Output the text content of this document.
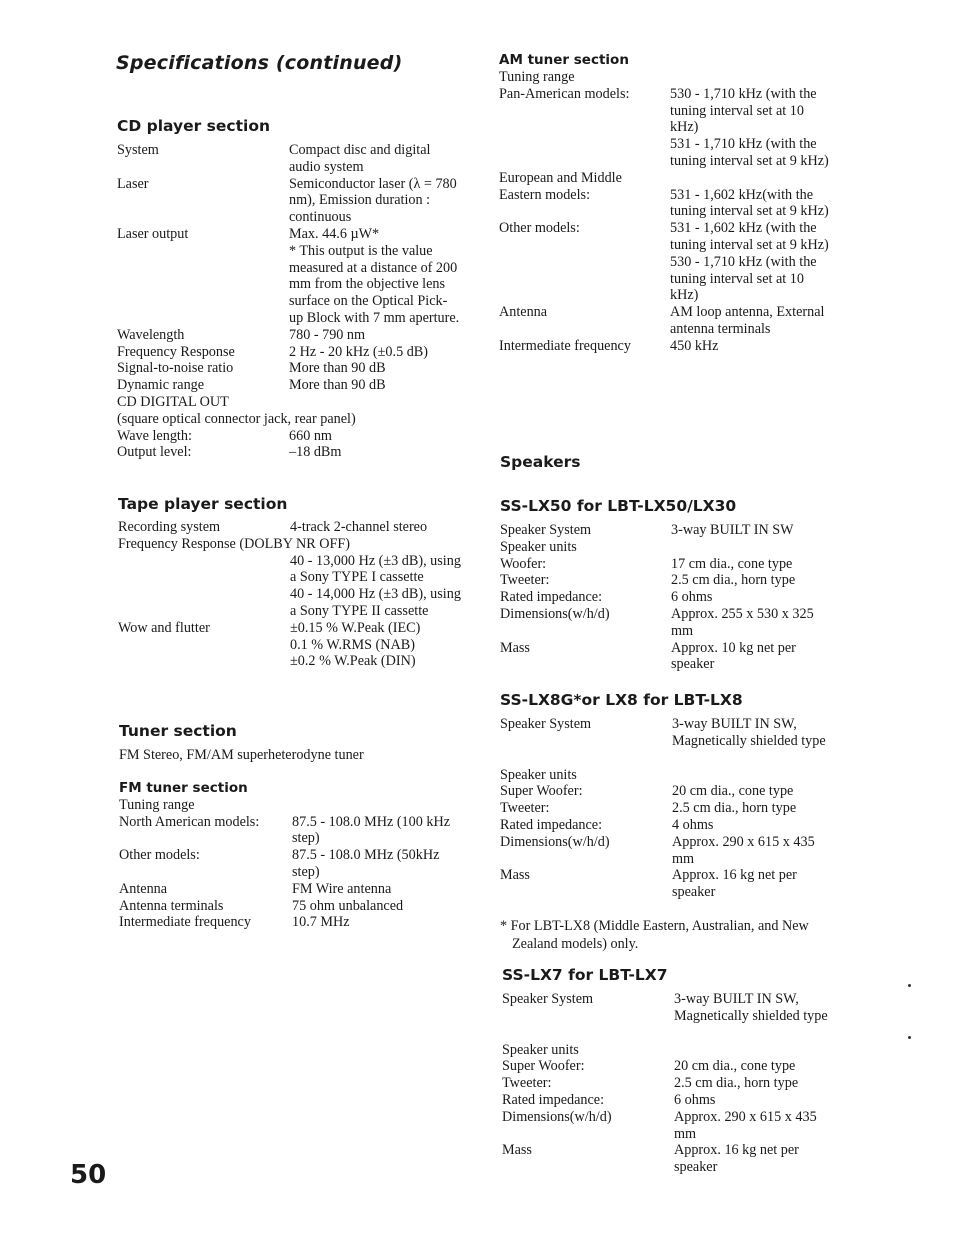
Specifications (continued)
CD player section
System	Compact disc and digital audio system
Laser	Semiconductor laser (λ = 780 nm), Emission duration : continuous
Laser output	Max. 44.6 µW*
* This output is the value measured at a distance of 200 mm from the objective lens surface on the Optical Pick-up Block with 7 mm aperture.
Wavelength	780 - 790 nm
Frequency Response	2 Hz - 20 kHz (±0.5 dB)
Signal-to-noise ratio	More than 90 dB
Dynamic range	More than 90 dB
CD DIGITAL OUT
(square optical connector jack, rear panel)
Wave length:	660 nm
Output level:	–18 dBm
Tape player section
Recording system	4-track 2-channel stereo
Frequency Response (DOLBY NR OFF)
40 - 13,000 Hz (±3 dB), using a Sony TYPE I cassette
40 - 14,000 Hz (±3 dB), using a Sony TYPE II cassette
Wow and flutter	±0.15 % W.Peak (IEC)
0.1 % W.RMS (NAB)
±0.2 % W.Peak (DIN)
Tuner section
FM Stereo, FM/AM superheterodyne tuner
FM tuner section
Tuning range
North American models:	87.5 - 108.0 MHz (100 kHz step)
Other models:	87.5 - 108.0 MHz (50kHz step)
Antenna	FM Wire antenna
Antenna terminals	75 ohm unbalanced
Intermediate frequency	10.7 MHz
AM tuner section
Tuning range
Pan-American models:	530 - 1,710 kHz (with the tuning interval set at 10 kHz)
531 - 1,710 kHz (with the tuning interval set at 9 kHz)
European and Middle
Eastern models:	531 - 1,602 kHz(with the tuning interval set at 9 kHz)
Other models:	531 - 1,602 kHz (with the tuning interval set at 9 kHz)
530 - 1,710 kHz (with the tuning interval set at 10 kHz)
Antenna	AM loop antenna, External antenna terminals
Intermediate frequency	450 kHz
Speakers
SS-LX50 for LBT-LX50/LX30
Speaker System	3-way BUILT IN SW
Speaker units
Woofer:	17 cm dia., cone type
Tweeter:	2.5 cm dia., horn type
Rated impedance:	6 ohms
Dimensions(w/h/d)	Approx. 255 x 530 x 325 mm
Mass	Approx. 10 kg net per speaker
SS-LX8G*or LX8 for LBT-LX8
Speaker System	3-way BUILT IN SW, Magnetically shielded type
Speaker units
Super Woofer:	20 cm dia., cone type
Tweeter:	2.5 cm dia., horn type
Rated impedance:	4 ohms
Dimensions(w/h/d)	Approx. 290 x 615 x 435 mm
Mass	Approx. 16 kg net per speaker
* For LBT-LX8 (Middle Eastern, Australian, and New Zealand models) only.
SS-LX7 for LBT-LX7
Speaker System	3-way BUILT IN SW, Magnetically shielded type
Speaker units
Super Woofer:	20 cm dia., cone type
Tweeter:	2.5 cm dia., horn type
Rated impedance:	6 ohms
Dimensions(w/h/d)	Approx. 290 x 615 x 435 mm
Mass	Approx. 16 kg net per speaker
50
